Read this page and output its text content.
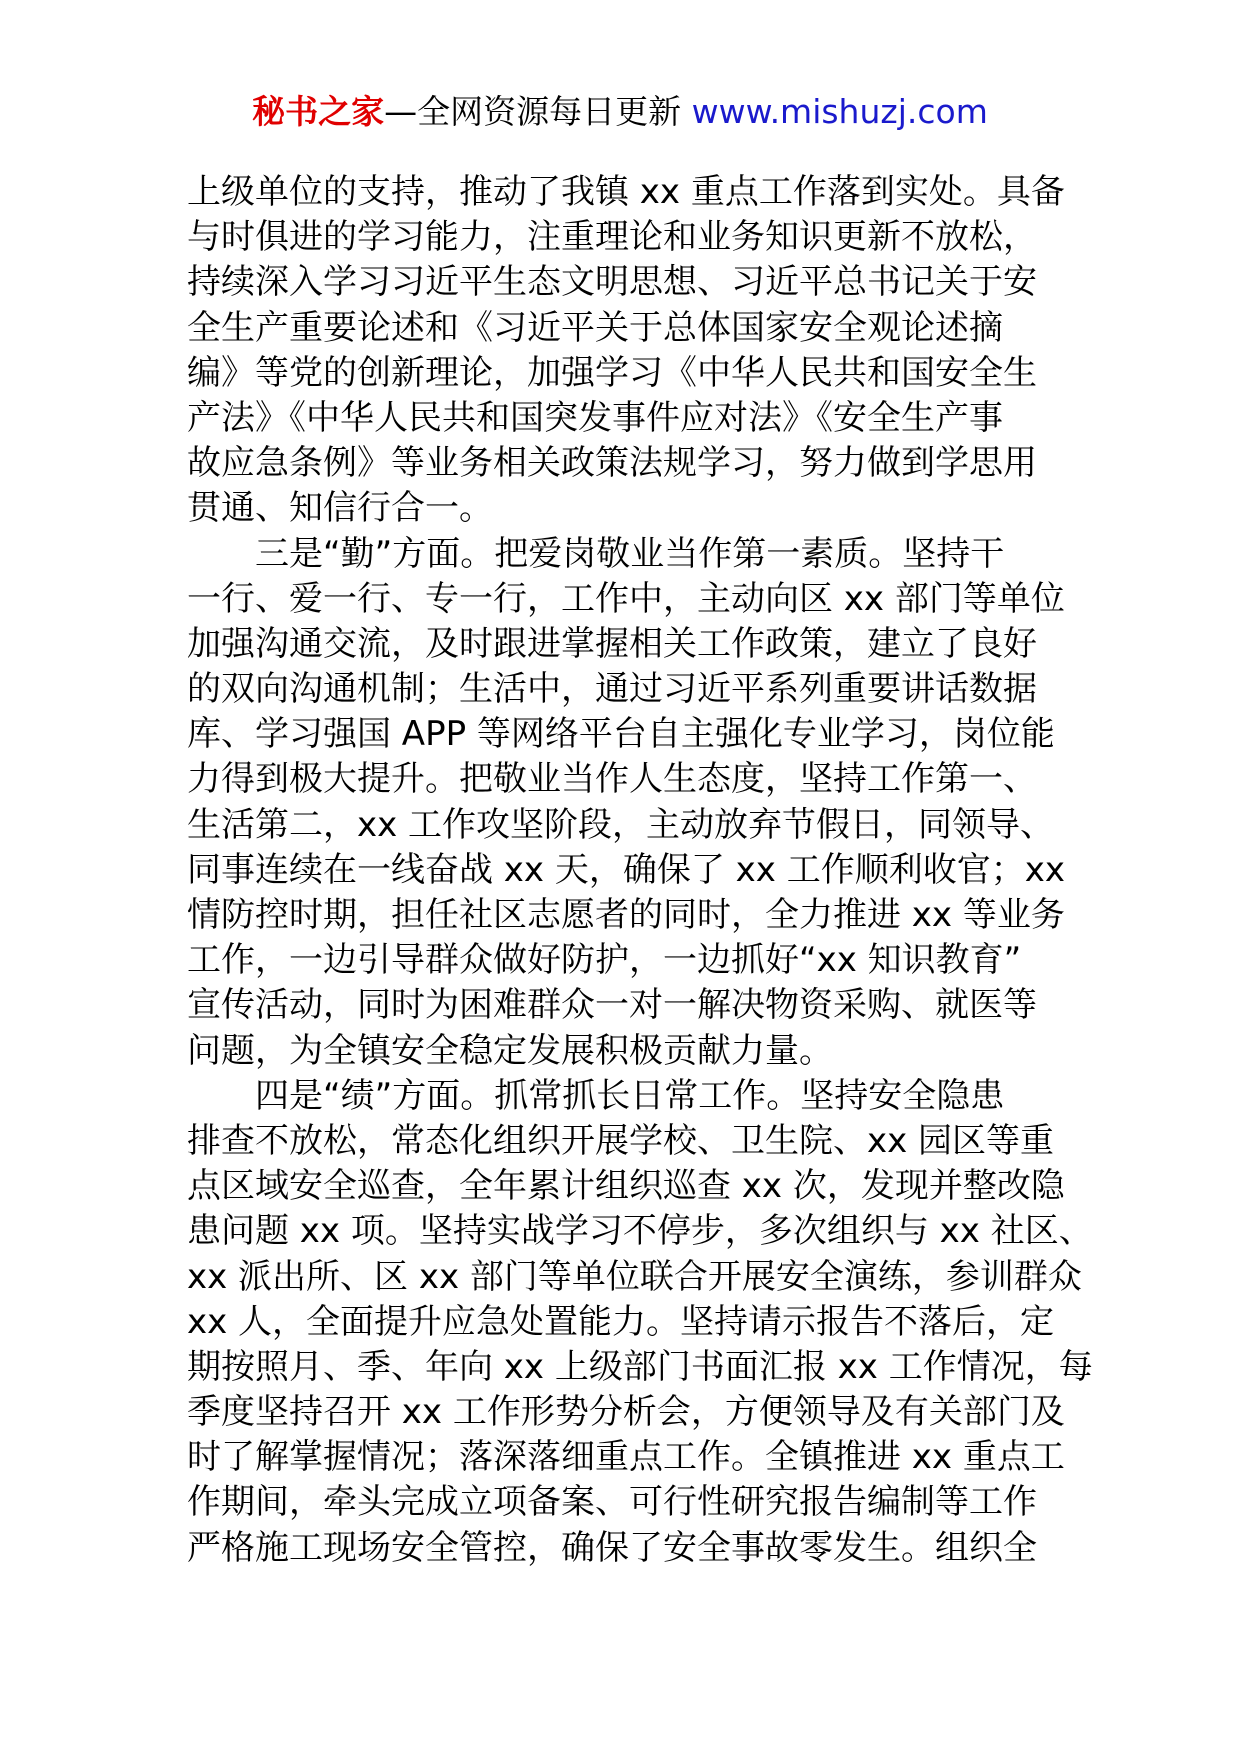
秘书之家—全网资源每日更新 www.mishuzj.com
上级单位的支持，推动了我镇 xx 重点工作落到实处。具备
与时俱进的学习能力，注重理论和业务知识更新不放松，
持续深入学习习近平生态文明思想、习近平总书记关于安
全生产重要论述和《习近平关于总体国家安全观论述摘
编》等党的创新理论，加强学习《中华人民共和国安全生
产法》《中华人民共和国突发事件应对法》《安全生产事
故应急条例》等业务相关政策法规学习，努力做到学思用
贯通、知信行合一。
三是“勤”方面。把爱岗敬业当作第一素质。坚持干
一行、爱一行、专一行，工作中，主动向区 xx 部门等单位
加强沟通交流，及时跟进掌握相关工作政策，建立了良好
的双向沟通机制；生活中，通过习近平系列重要讲话数据
库、学习强国 APP 等网络平台自主强化专业学习，岗位能
力得到极大提升。把敬业当作人生态度，坚持工作第一、
生活第二，xx 工作攻坚阶段，主动放弃节假日，同领导、
同事连续在一线奋战 xx 天，确保了 xx 工作顺利收官；xx
情防控时期，担任社区志愿者的同时，全力推进 xx 等业务
工作，一边引导群众做好防护，一边抓好“xx 知识教育”
宣传活动，同时为困难群众一对一解决物资采购、就医等
问题，为全镇安全稳定发展积极贡献力量。
四是“绩”方面。抓常抓长日常工作。坚持安全隐患
排查不放松，常态化组织开展学校、卫生院、xx 园区等重
点区域安全巡查，全年累计组织巡查 xx 次，发现并整改隐
患问题 xx 项。坚持实战学习不停步，多次组织与 xx 社区、
xx 派出所、区 xx 部门等单位联合开展安全演练，参训群众
xx 人，全面提升应急处置能力。坚持请示报告不落后，定
期按照月、季、年向 xx 上级部门书面汇报 xx 工作情况，每
季度坚持召开 xx 工作形势分析会，方便领导及有关部门及
时了解掌握情况；落深落细重点工作。全镇推进 xx 重点工
作期间，牵头完成立项备案、可行性研究报告编制等工作
严格施工现场安全管控，确保了安全事故零发生。组织全
